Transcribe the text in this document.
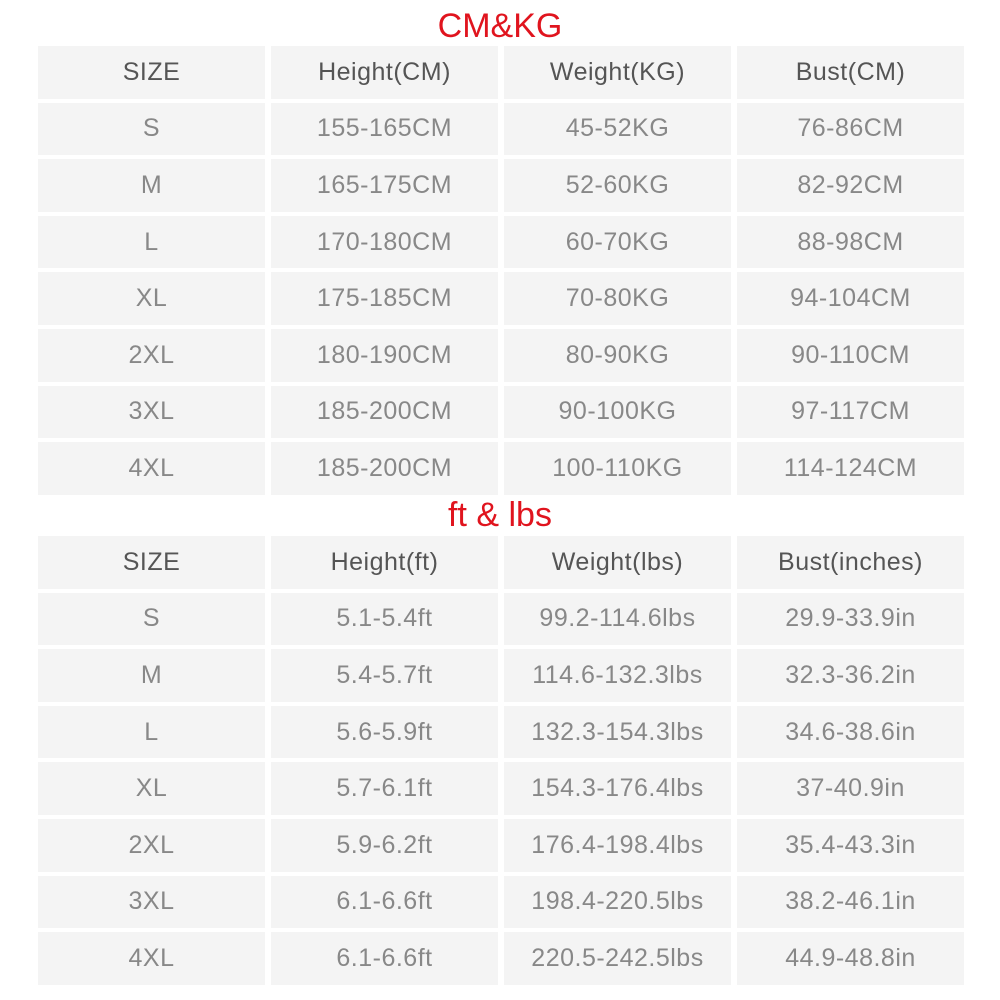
CM&KG
SIZE	Height(CM)	Weight(KG)	Bust(CM)
S	155-165CM	45-52KG	76-86CM
M	165-175CM	52-60KG	82-92CM
L	170-180CM	60-70KG	88-98CM
XL	175-185CM	70-80KG	94-104CM
2XL	180-190CM	80-90KG	90-110CM
3XL	185-200CM	90-100KG	97-117CM
4XL	185-200CM	100-110KG	114-124CM
ft & lbs
SIZE	Height(ft)	Weight(lbs)	Bust(inches)
S	5.1-5.4ft	99.2-114.6lbs	29.9-33.9in
M	5.4-5.7ft	114.6-132.3lbs	32.3-36.2in
L	5.6-5.9ft	132.3-154.3lbs	34.6-38.6in
XL	5.7-6.1ft	154.3-176.4lbs	37-40.9in
2XL	5.9-6.2ft	176.4-198.4lbs	35.4-43.3in
3XL	6.1-6.6ft	198.4-220.5lbs	38.2-46.1in
4XL	6.1-6.6ft	220.5-242.5lbs	44.9-48.8in
